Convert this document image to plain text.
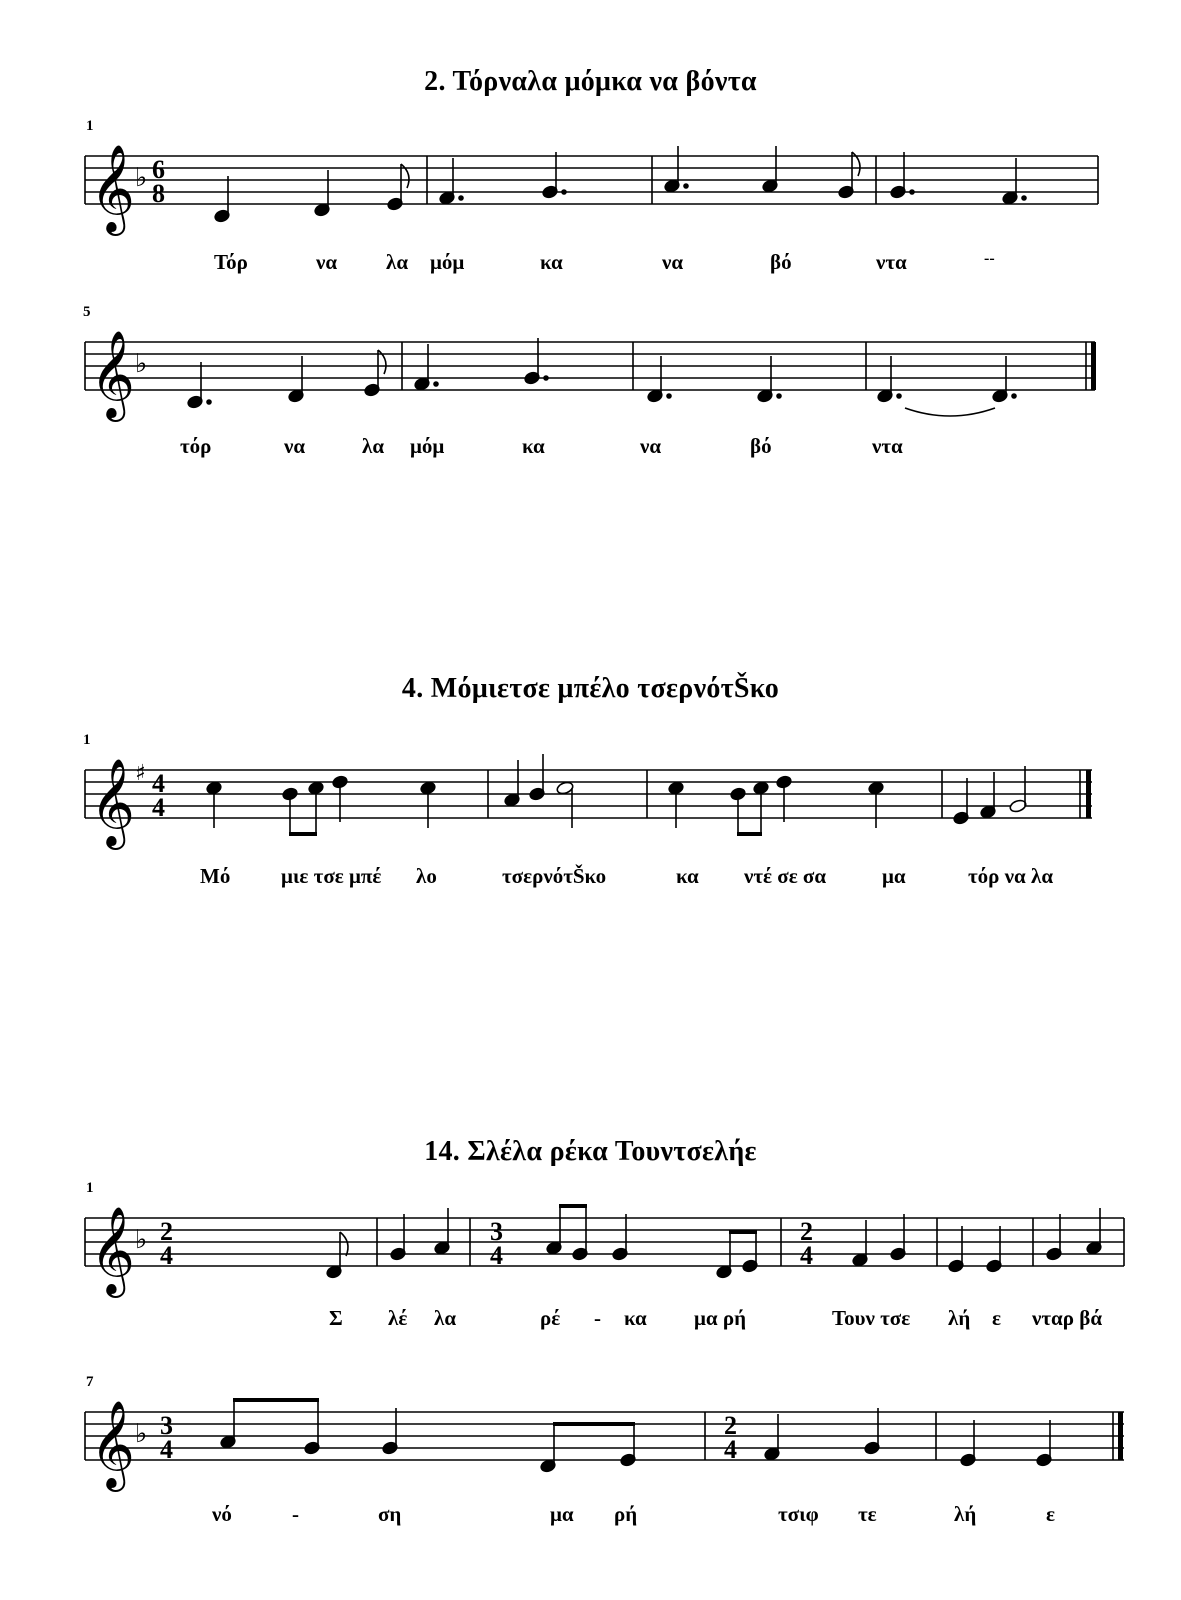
2. Τόρναλα μόμκα να βόντα
1
𝄞 ♭ 6
8
Τόρ	να λα μόμ	κα	να	βό	ντα	--
5
𝄞 ♭
τόρ	να	λα μόμ	κα	να	βό	ντα
4. Μόμιετσε μπέλο τσερνότŠκο
1
𝄞 ♯ 4
4
Μό μιε τσε μπέ λο	τσερνότŠκο	κα ντέ σε σα	μα	τόρ να λα
14. Σλέλα ρέκα Τουντσελήε
1
𝄞 ♭ 2
4
3
4
2
4
Σ λέ λα	ρέ - κα μα ρή	Τουν τσε λή ε νταρ βά
7
𝄞 ♭ 3
4
2
4
νό	-	ση	μα ρή	τσιφ τε	λή	ε
